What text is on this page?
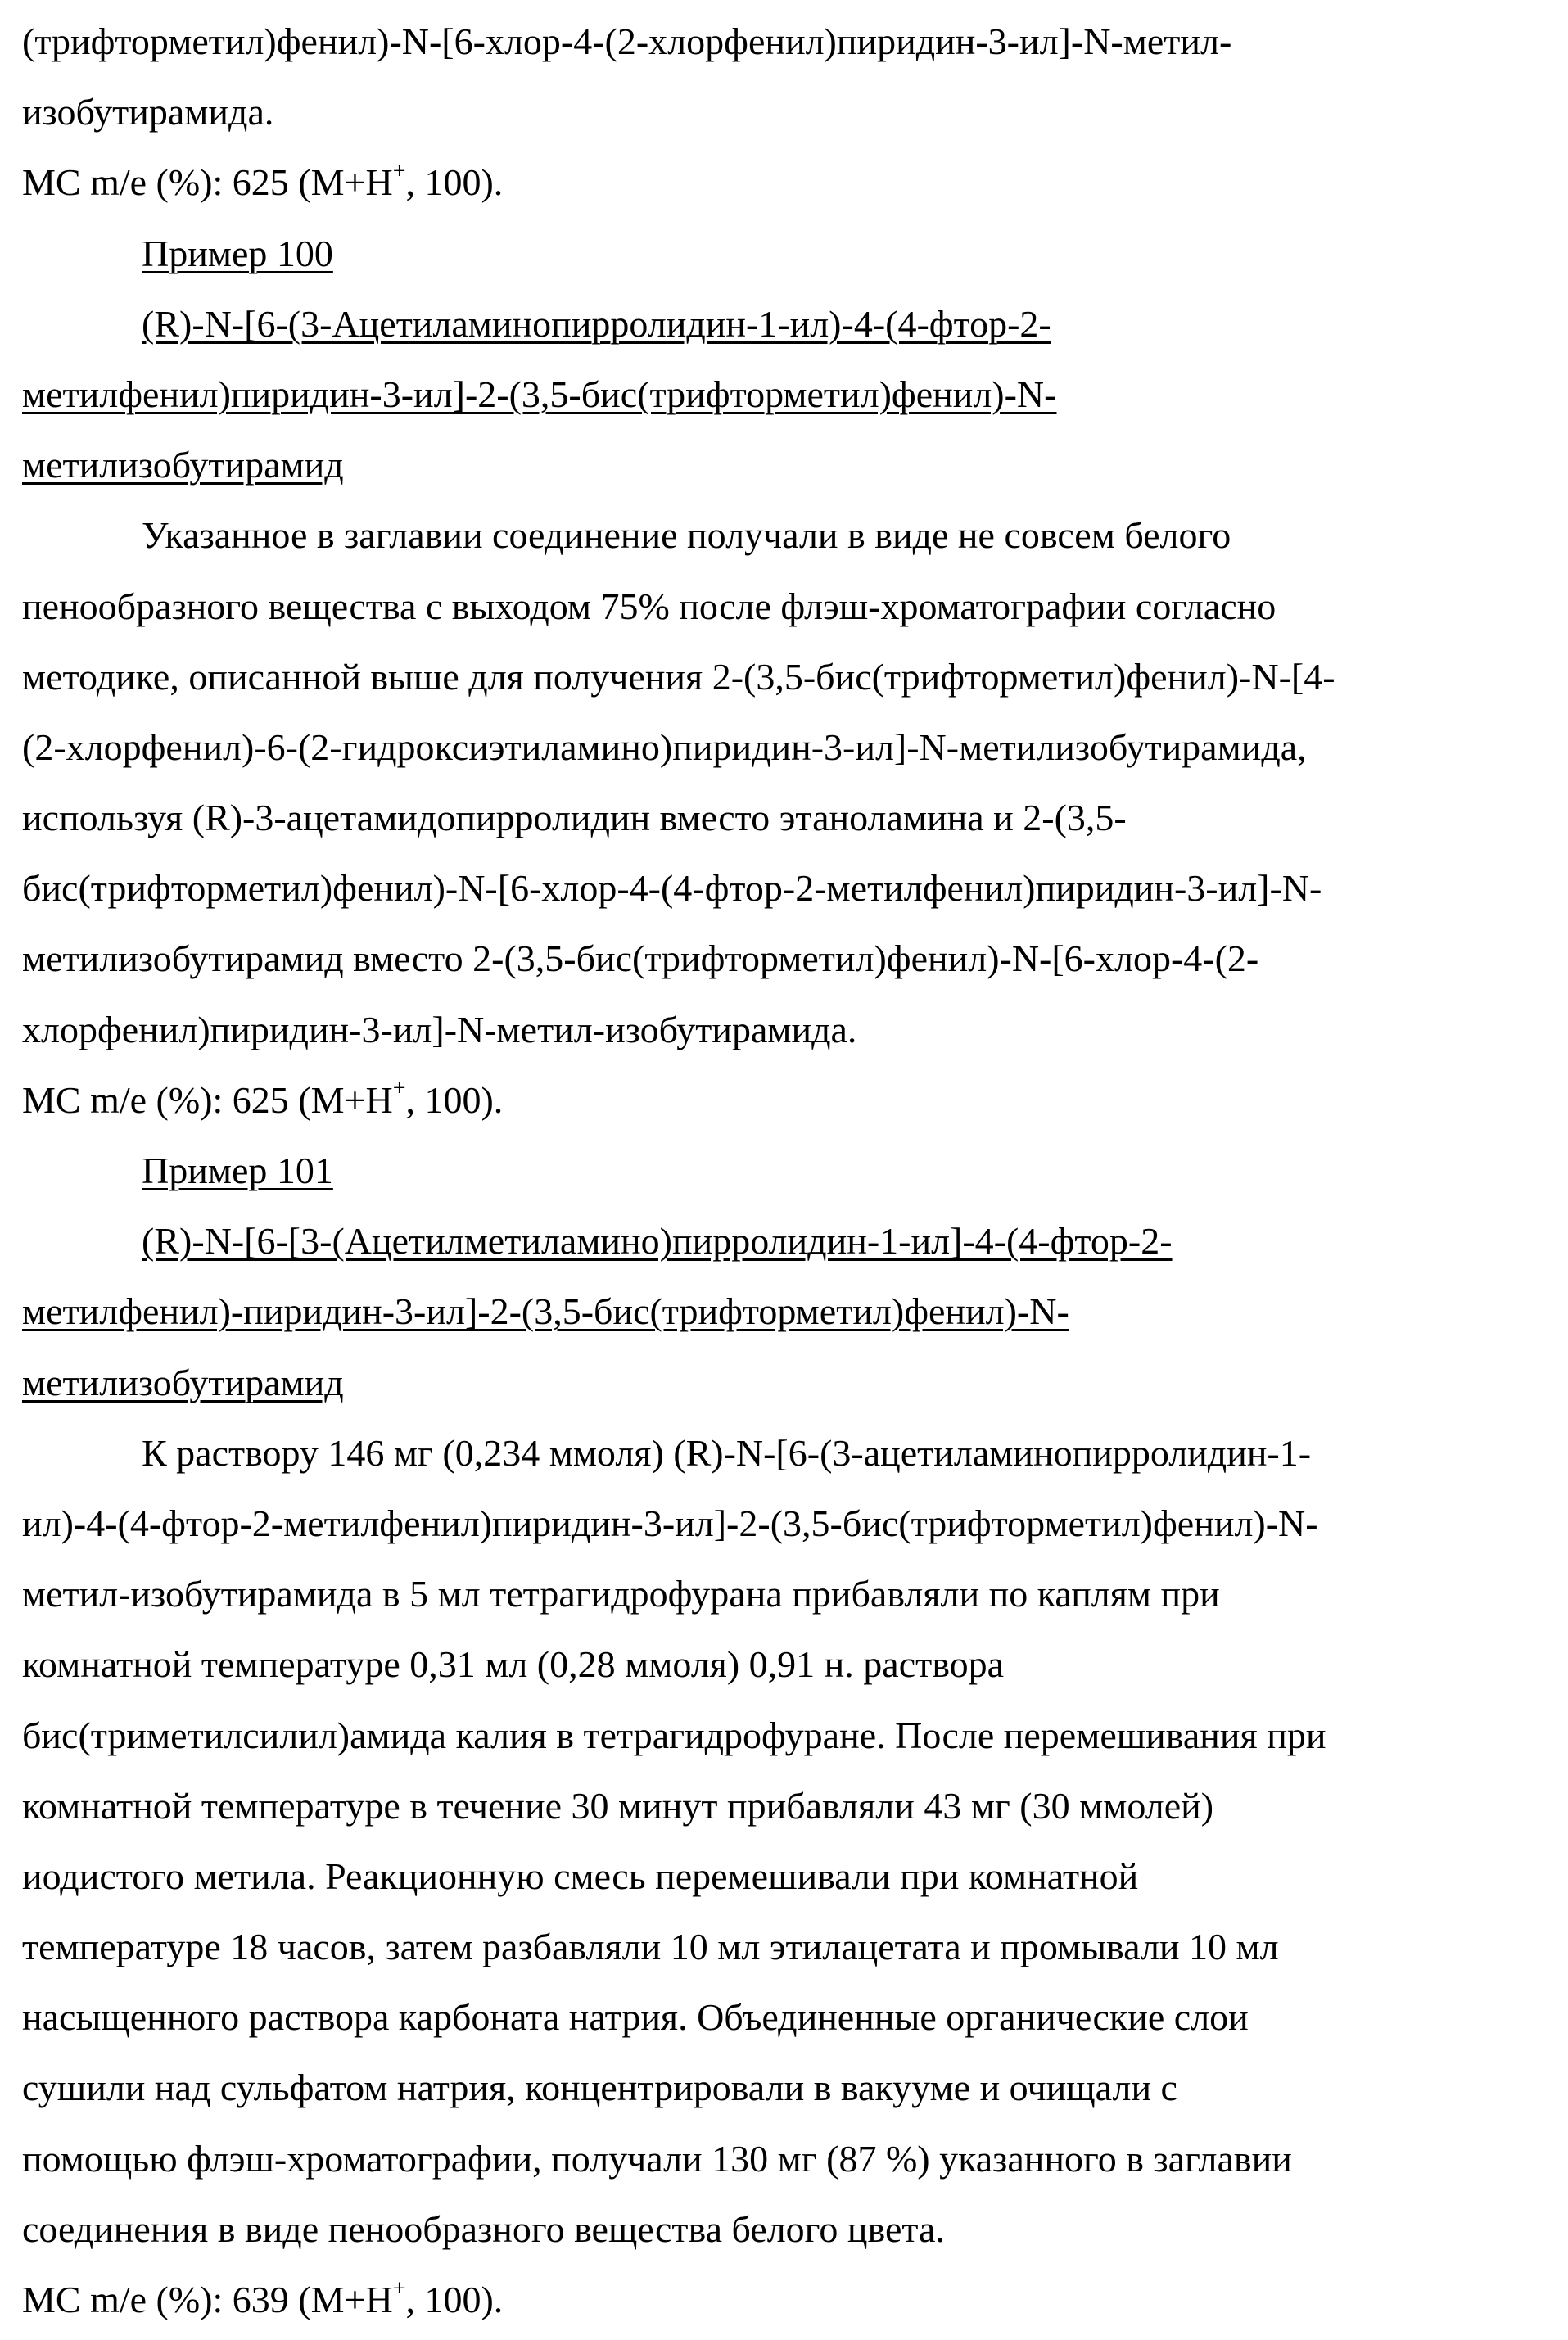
(трифторметил)фенил)-N-[6-хлор-4-(2-хлорфенил)пиридин-3-ил]-N-метил-
изобутирамида.
MC m/e (%): 625 (M+H+, 100).
Пример 100
(R)-N-[6-(3-Ацетиламинопирролидин-1-ил)-4-(4-фтор-2-
метилфенил)пиридин-3-ил]-2-(3,5-бис(трифторметил)фенил)-N-
метилизобутирамид
Указанное в заглавии соединение получали в виде не совсем белого
пенообразного вещества с выходом 75% после флэш-хроматографии согласно
методике, описанной выше для получения 2-(3,5-бис(трифторметил)фенил)-N-[4-
(2-хлорфенил)-6-(2-гидроксиэтиламино)пиридин-3-ил]-N-метилизобутирамида,
используя (R)-3-ацетамидопирролидин вместо этаноламина и 2-(3,5-
бис(трифторметил)фенил)-N-[6-хлор-4-(4-фтор-2-метилфенил)пиридин-3-ил]-N-
метилизобутирамид вместо 2-(3,5-бис(трифторметил)фенил)-N-[6-хлор-4-(2-
хлорфенил)пиридин-3-ил]-N-метил-изобутирамида.
MC m/e (%): 625 (M+H+, 100).
Пример 101
(R)-N-[6-[3-(Ацетилметиламино)пирролидин-1-ил]-4-(4-фтор-2-
метилфенил)-пиридин-3-ил]-2-(3,5-бис(трифторметил)фенил)-N-
метилизобутирамид
К раствору 146 мг (0,234 ммоля) (R)-N-[6-(3-ацетиламинопирролидин-1-
ил)-4-(4-фтор-2-метилфенил)пиридин-3-ил]-2-(3,5-бис(трифторметил)фенил)-N-
метил-изобутирамида в 5 мл тетрагидрофурана прибавляли по каплям при
комнатной температуре 0,31 мл (0,28 ммоля) 0,91 н. раствора
бис(триметилсилил)амида калия в тетрагидрофуране. После перемешивания при
комнатной температуре в течение 30 минут прибавляли 43 мг (30 ммолей)
иодистого метила. Реакционную смесь перемешивали при комнатной
температуре 18 часов, затем разбавляли 10 мл этилацетата и промывали 10 мл
насыщенного раствора карбоната натрия. Объединенные органические слои
сушили над сульфатом натрия, концентрировали в вакууме и очищали с
помощью флэш-хроматографии, получали 130 мг (87 %) указанного в заглавии
соединения в виде пенообразного вещества белого цвета.
MC m/e (%): 639 (M+H+, 100).
